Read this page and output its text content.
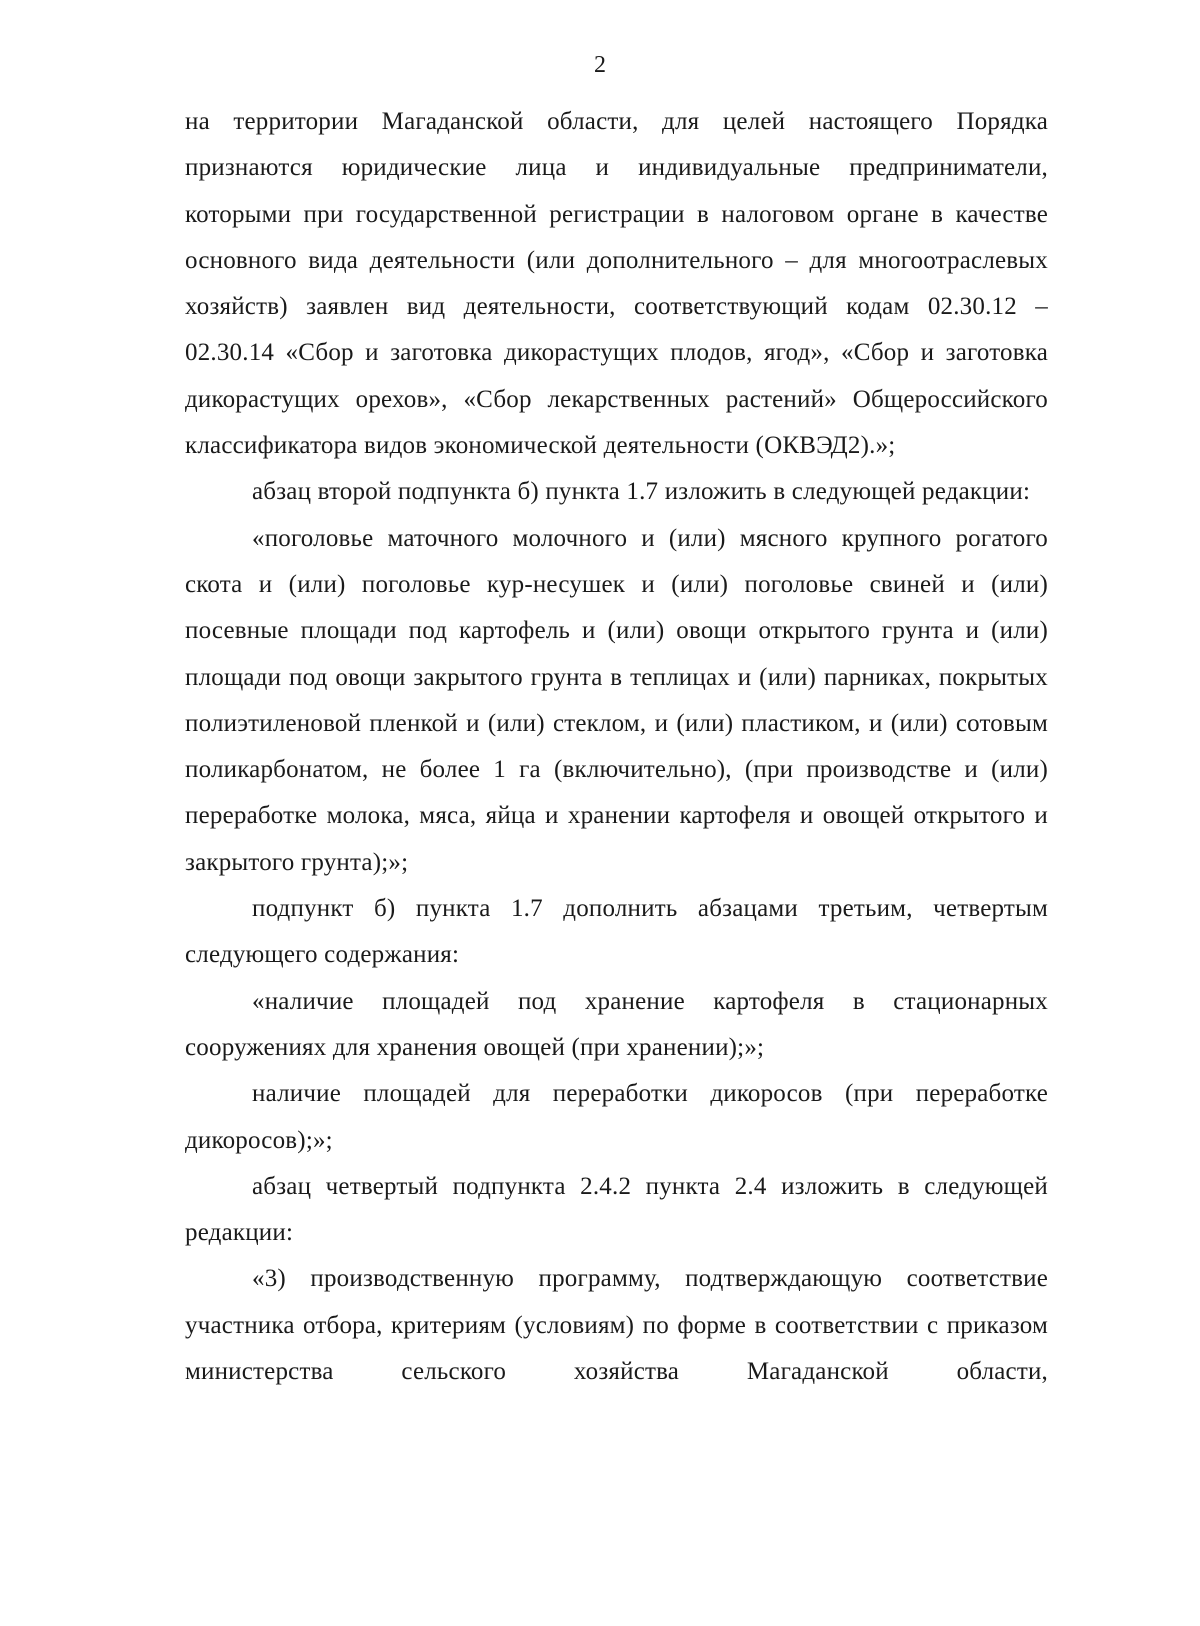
2

на территории Магаданской области, для целей настоящего Порядка признаются юридические лица и индивидуальные предприниматели, которыми при государственной регистрации в налоговом органе в качестве основного вида деятельности (или дополнительного – для многоотраслевых хозяйств) заявлен вид деятельности, соответствующий кодам 02.30.12 – 02.30.14 «Сбор и заготовка дикорастущих плодов, ягод», «Сбор и заготовка дикорастущих орехов», «Сбор лекарственных растений» Общероссийского классификатора видов экономической деятельности (ОКВЭД2).»;

абзац второй подпункта б) пункта 1.7 изложить в следующей редакции:

«поголовье маточного молочного и (или) мясного крупного рогатого скота и (или) поголовье кур-несушек и (или) поголовье свиней и (или) посевные площади под картофель и (или) овощи открытого грунта и (или) площади под овощи закрытого грунта в теплицах и (или) парниках, покрытых полиэтиленовой пленкой и (или) стеклом, и (или) пластиком, и (или) сотовым поликарбонатом, не более 1 га (включительно), (при производстве и (или) переработке молока, мяса, яйца и хранении картофеля и овощей открытого и закрытого грунта);»;

подпункт б) пункта 1.7 дополнить абзацами третьим, четвертым следующего содержания:

«наличие площадей под хранение картофеля в стационарных сооружениях для хранения овощей (при хранении);»;

наличие площадей для переработки дикоросов (при переработке дикоросов);»;

абзац четвертый подпункта 2.4.2 пункта 2.4 изложить в следующей редакции:

«3) производственную программу, подтверждающую соответствие участника отбора, критериям (условиям) по форме в соответствии с приказом министерства сельского хозяйства Магаданской области,
